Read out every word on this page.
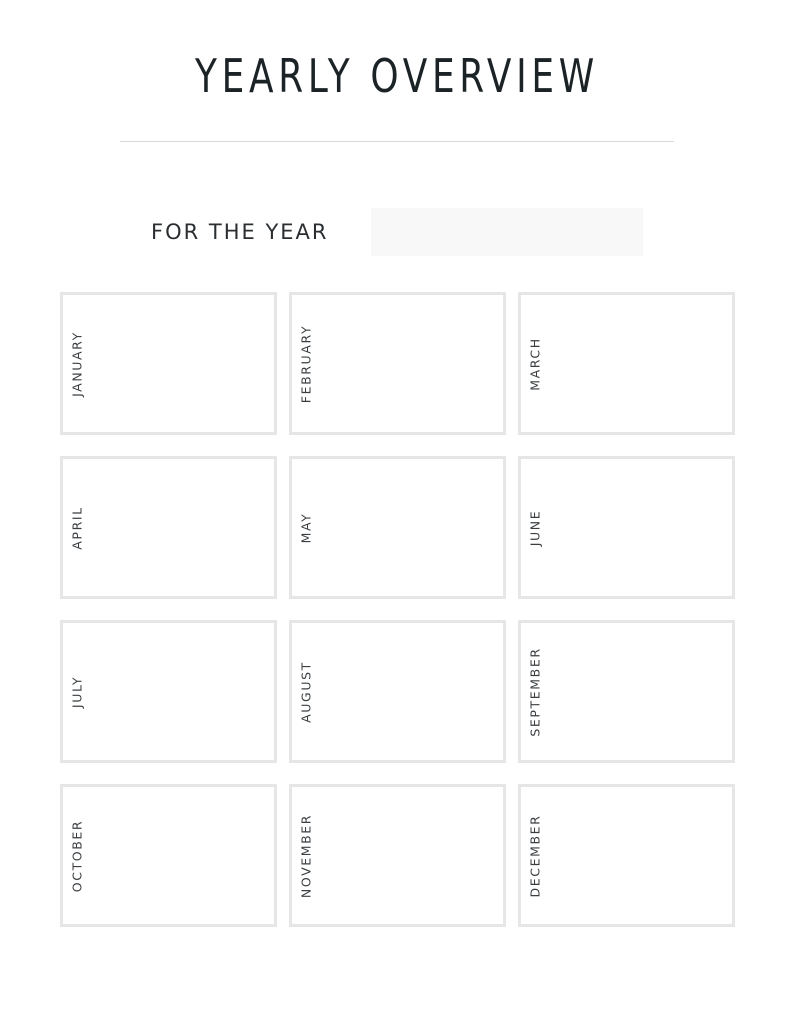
YEARLY OVERVIEW
FOR THE YEAR
JANUARY	FEBRUARY	MARCH
APRIL	MAY	JUNE
JULY	AUGUST	SEPTEMBER
OCTOBER	NOVEMBER	DECEMBER
